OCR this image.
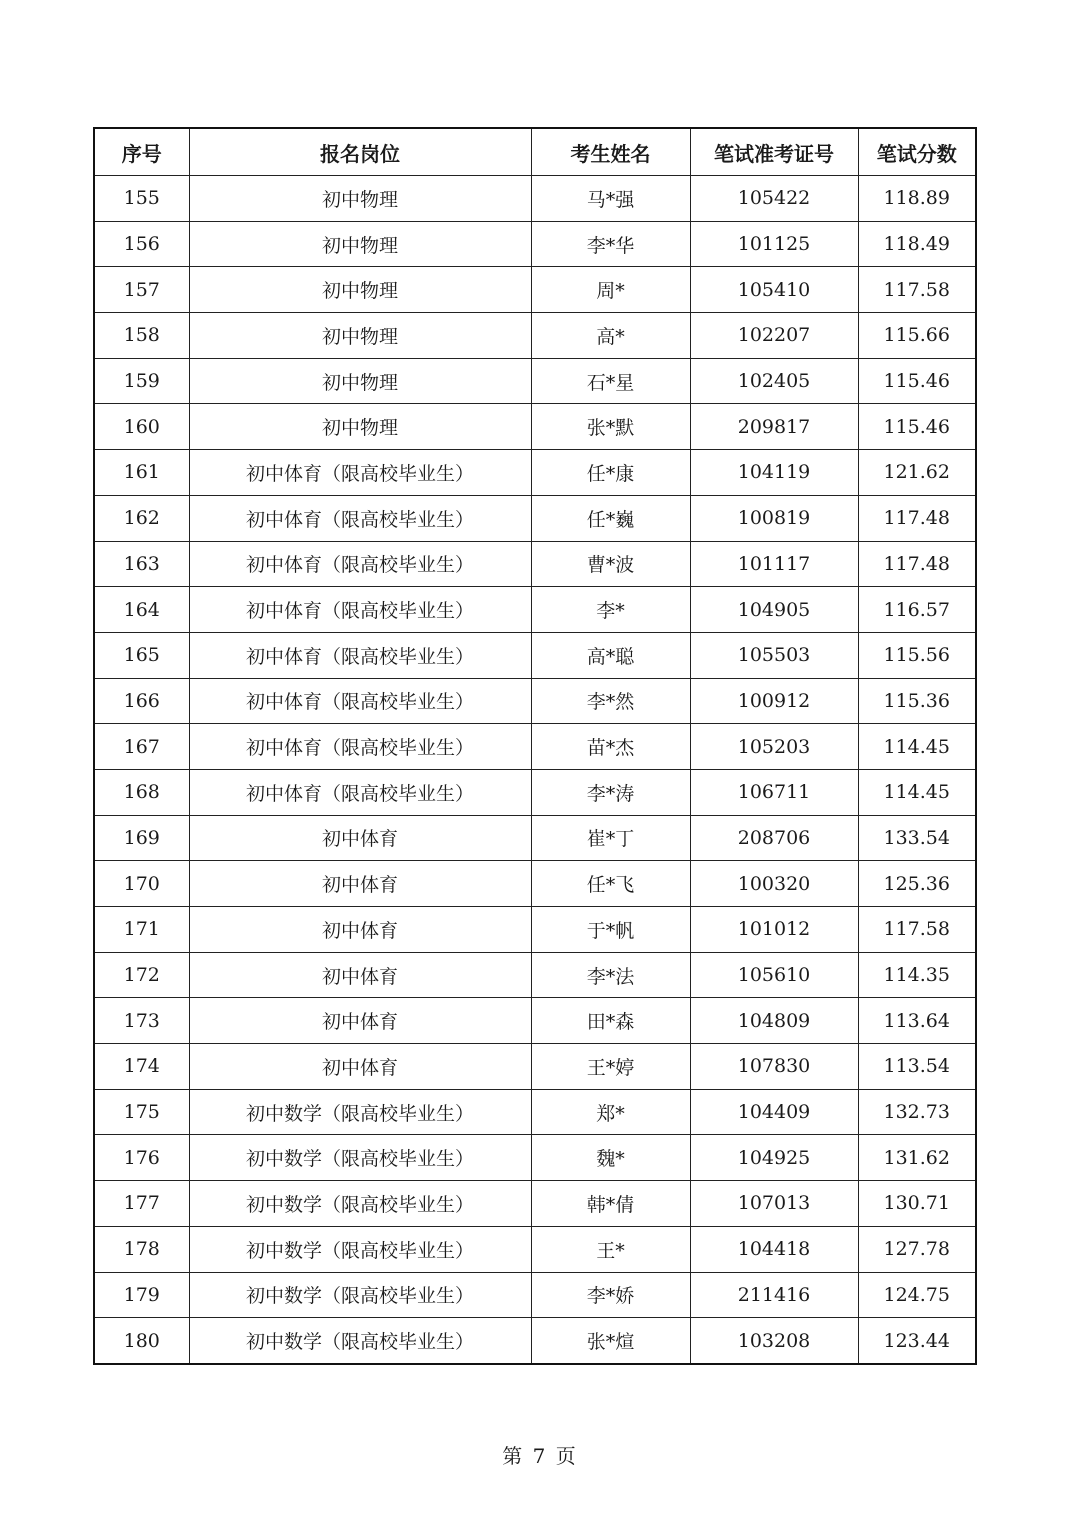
序号	报名岗位	考生姓名	笔试准考证号	笔试分数
155	初中物理	马*强	105422	118.89
156	初中物理	李*华	101125	118.49
157	初中物理	周*	105410	117.58
158	初中物理	高*	102207	115.66
159	初中物理	石*星	102405	115.46
160	初中物理	张*默	209817	115.46
161	初中体育（限高校毕业生）	任*康	104119	121.62
162	初中体育（限高校毕业生）	任*巍	100819	117.48
163	初中体育（限高校毕业生）	曹*波	101117	117.48
164	初中体育（限高校毕业生）	李*	104905	116.57
165	初中体育（限高校毕业生）	高*聪	105503	115.56
166	初中体育（限高校毕业生）	李*然	100912	115.36
167	初中体育（限高校毕业生）	苗*杰	105203	114.45
168	初中体育（限高校毕业生）	李*涛	106711	114.45
169	初中体育	崔*丁	208706	133.54
170	初中体育	任*飞	100320	125.36
171	初中体育	于*帆	101012	117.58
172	初中体育	李*法	105610	114.35
173	初中体育	田*森	104809	113.64
174	初中体育	王*婷	107830	113.54
175	初中数学（限高校毕业生）	郑*	104409	132.73
176	初中数学（限高校毕业生）	魏*	104925	131.62
177	初中数学（限高校毕业生）	韩*倩	107013	130.71
178	初中数学（限高校毕业生）	王*	104418	127.78
179	初中数学（限高校毕业生）	李*娇	211416	124.75
180	初中数学（限高校毕业生）	张*煊	103208	123.44
第 7 页
